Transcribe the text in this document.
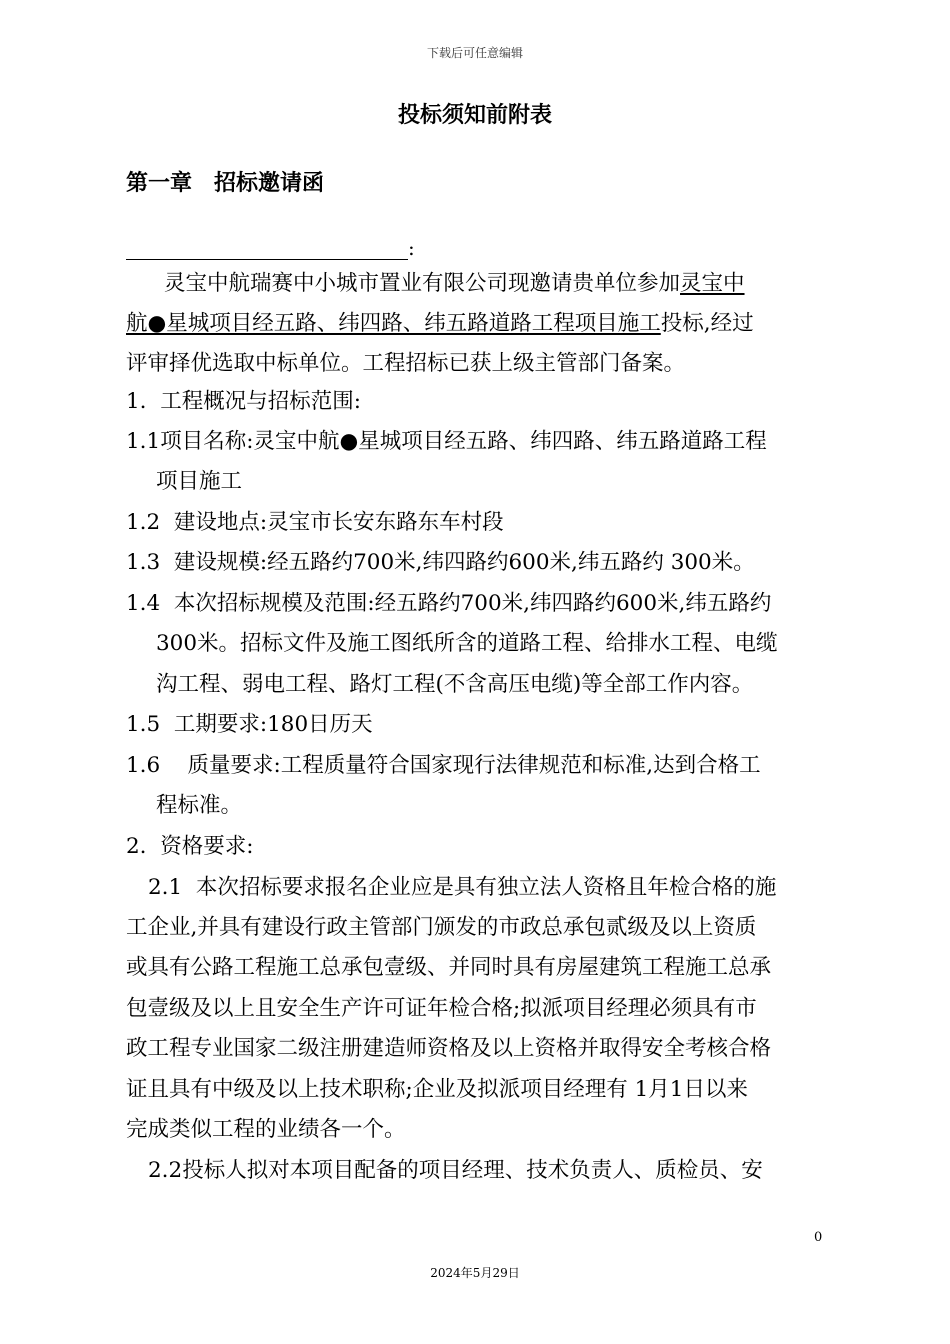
下载后可任意编辑
投标须知前附表
第一章 招标邀请函
:
灵宝中航瑞赛中小城市置业有限公司现邀请贵单位参加灵宝中
航●星城项目经五路、纬四路、纬五路道路工程项目施工投标,经过
评审择优选取中标单位。工程招标已获上级主管部门备案。
1. 工程概况与招标范围:
1.1项目名称:灵宝中航●星城项目经五路、纬四路、纬五路道路工程
项目施工
1.2 建设地点:灵宝市长安东路东车村段
1.3 建设规模:经五路约700米,纬四路约600米,纬五路约 300米。
1.4 本次招标规模及范围:经五路约700米,纬四路约600米,纬五路约
300米。招标文件及施工图纸所含的道路工程、给排水工程、电缆
沟工程、弱电工程、路灯工程(不含高压电缆)等全部工作内容。
1.5 工期要求:180日历天
1.6 质量要求:工程质量符合国家现行法律规范和标准,达到合格工
程标准。
2. 资格要求:
2.1 本次招标要求报名企业应是具有独立法人资格且年检合格的施
工企业,并具有建设行政主管部门颁发的市政总承包贰级及以上资质
或具有公路工程施工总承包壹级、并同时具有房屋建筑工程施工总承
包壹级及以上且安全生产许可证年检合格;拟派项目经理必须具有市
政工程专业国家二级注册建造师资格及以上资格并取得安全考核合格
证且具有中级及以上技术职称;企业及拟派项目经理有 1月1日以来
完成类似工程的业绩各一个。
2.2投标人拟对本项目配备的项目经理、技术负责人、质检员、安
0
2024年5月29日
